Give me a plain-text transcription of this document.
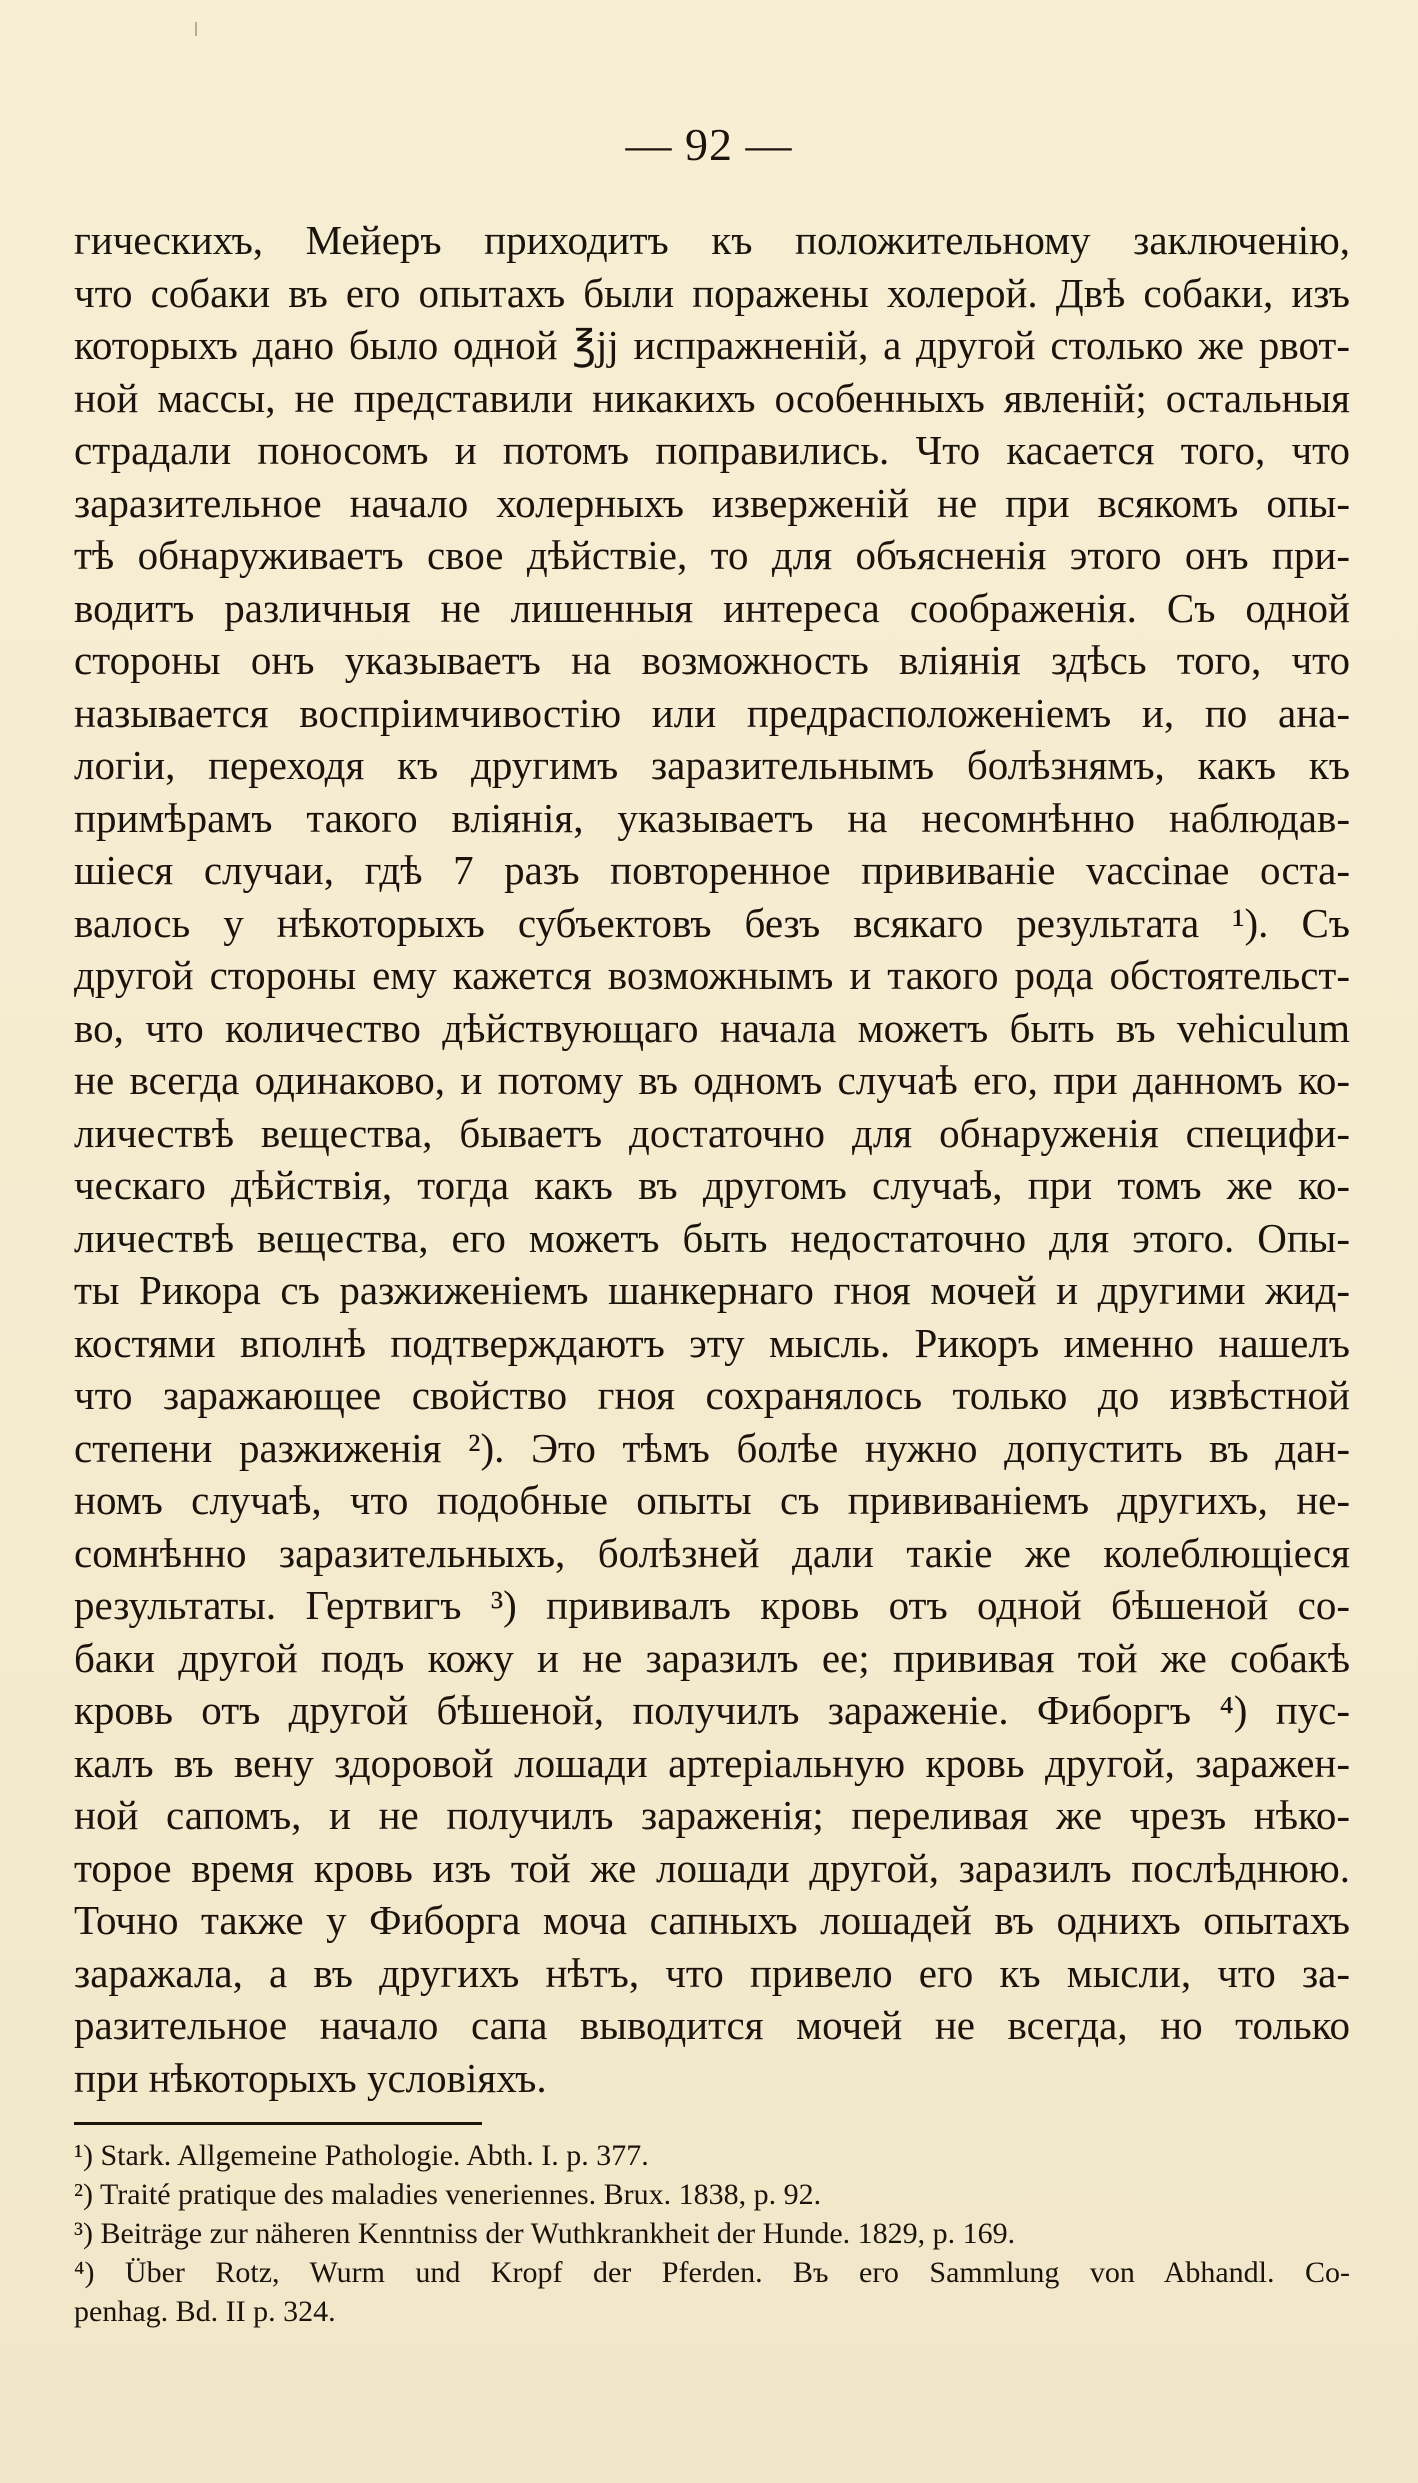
— 92 —
гическихъ, Мейеръ приходитъ къ положительному заключенію,
что собаки въ его опытахъ были поражены холерой. Двѣ собаки, изъ
которыхъ дано было одной ℥jj испражненій, а другой столько же рвот-
ной массы, не представили никакихъ особенныхъ явленій; остальныя
страдали поносомъ и потомъ поправились. Что касается того, что
заразительное начало холерныхъ изверженій не при всякомъ опы-
тѣ обнаруживаетъ свое дѣйствіе, то для объясненія этого онъ при-
водитъ различныя не лишенныя интереса соображенія. Съ одной
стороны онъ указываетъ на возможность вліянія здѣсь того, что
называется воспріимчивостію или предрасположеніемъ и, по ана-
логіи, переходя къ другимъ заразительнымъ болѣзнямъ, какъ къ
примѣрамъ такого вліянія, указываетъ на несомнѣнно наблюдав-
шіеся случаи, гдѣ 7 разъ повторенное прививаніе vaccinae оста-
валось у нѣкоторыхъ субъектовъ безъ всякаго результата ¹). Съ
другой стороны ему кажется возможнымъ и такого рода обстоятельст-
во, что количество дѣйствующаго начала можетъ быть въ vehiculum
не всегда одинаково, и потому въ одномъ случаѣ его, при данномъ ко-
личествѣ вещества, бываетъ достаточно для обнаруженія специфи-
ческаго дѣйствія, тогда какъ въ другомъ случаѣ, при томъ же ко-
личествѣ вещества, его можетъ быть недостаточно для этого. Опы-
ты Рикора съ разжиженіемъ шанкернаго гноя мочей и другими жид-
костями вполнѣ подтверждаютъ эту мысль. Рикоръ именно нашелъ
что заражающее свойство гноя сохранялось только до извѣстной
степени разжиженія ²). Это тѣмъ болѣе нужно допустить въ дан-
номъ случаѣ, что подобные опыты съ прививаніемъ другихъ, не-
сомнѣнно заразительныхъ, болѣзней дали такіе же колеблющіеся
результаты. Гертвигъ ³) прививалъ кровь отъ одной бѣшеной со-
баки другой подъ кожу и не заразилъ ее; прививая той же собакѣ
кровь отъ другой бѣшеной, получилъ зараженіе. Фиборгъ ⁴) пус-
калъ въ вену здоровой лошади артеріальную кровь другой, заражен-
ной сапомъ, и не получилъ зараженія; переливая же чрезъ нѣко-
торое время кровь изъ той же лошади другой, заразилъ послѣднюю.
Точно также у Фиборга моча сапныхъ лошадей въ однихъ опытахъ
заражала, а въ другихъ нѣтъ, что привело его къ мысли, что за-
разительное начало сапа выводится мочей не всегда, но только
при нѣкоторыхъ условіяхъ.
¹) Stark. Allgemeine Pathologie. Abth. I. p. 377.
²) Traité pratique des maladies veneriennes. Brux. 1838, p. 92.
³) Beiträge zur näheren Kenntniss der Wuthkrankheit der Hunde. 1829, p. 169.
⁴) Über Rotz, Wurm und Kropf der Pferden. Въ его Sammlung von Abhandl. Co-
penhag. Bd. II p. 324.
